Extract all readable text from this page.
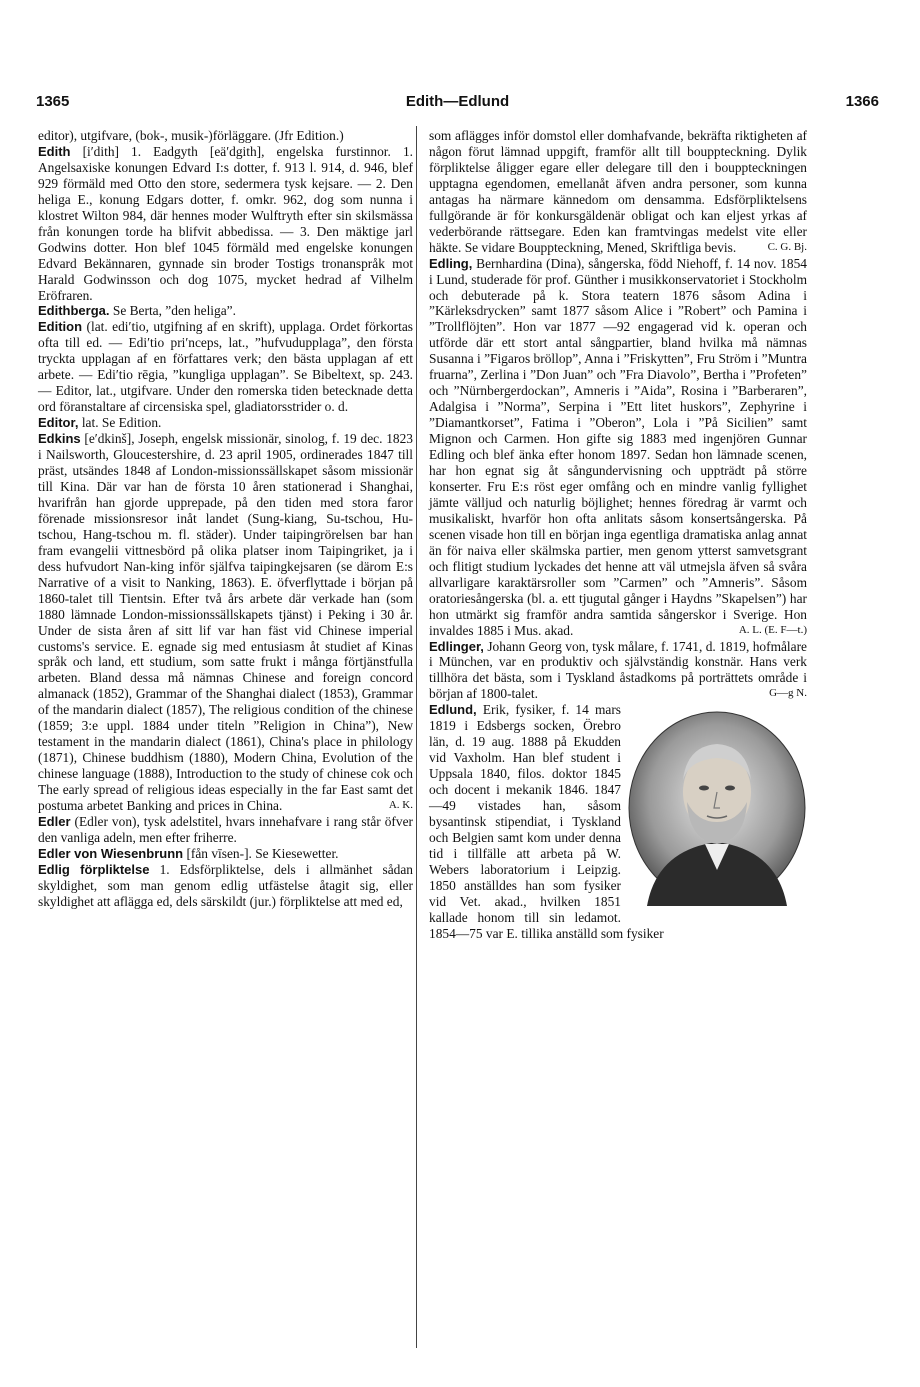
1365	Edith—Edlund	1366

editor), utgifvare, (bok-, musik-)förläggare. (Jfr Edition.)

Edith [i′dith] 1. Eadgyth [eä′dgith], engelska furstinnor. 1. Angelsaxiske konungen Edvard I:s dotter, f. 913 l. 914, d. 946, blef 929 förmäld med Otto den store, sedermera tysk kejsare. — 2. Den heliga E., konung Edgars dotter, f. omkr. 962, dog som nunna i klostret Wilton 984, där hennes moder Wulftryth efter sin skilsmässa från konungen torde ha blifvit abbedissa. — 3. Den mäktige jarl Godwins dotter. Hon blef 1045 förmäld med engelske konungen Edvard Bekännaren, gynnade sin broder Tostigs tronanspråk mot Harald Godwinsson och dog 1075, mycket hedrad af Vilhelm Eröfraren.

Edithberga. Se Berta, ”den heliga”.

Edition (lat. edi′tio, utgifning af en skrift), upplaga. Ordet förkortas ofta till ed. — Edi′tio pri′nceps, lat., ”hufvudupplaga”, den första tryckta upplagan af en författares verk; den bästa upplagan af ett arbete. — Edi′tio rēgia, ”kungliga upplagan”. Se Bibeltext, sp. 243. — Editor, lat., utgifvare. Under den romerska tiden betecknade detta ord föranstaltare af circensiska spel, gladiatorsstrider o. d.

Editor, lat. Se Edition.

Edkins [e′dkinš], Joseph, engelsk missionär, sinolog, f. 19 dec. 1823 i Nailsworth, Gloucestershire, d. 23 april 1905, ordinerades 1847 till präst, utsändes 1848 af London-missionssällskapet såsom missionär till Kina. Där var han de första 10 åren stationerad i Shanghai, hvarifrån han gjorde upprepade, på den tiden med stora faror förenade missionsresor inåt landet (Sung-kiang, Su-tschou, Hu-tschou, Hang-tschou m. fl. städer). Under taipingrörelsen bar han fram evangelii vittnesbörd på olika platser inom Taipingriket, ja i dess hufvudort Nan-king inför själfva taipingkejsaren (se därom E:s Narrative of a visit to Nanking, 1863). E. öfverflyttade i början på 1860-talet till Tientsin. Efter två års arbete där verkade han (som 1880 lämnade London-missionssällskapets tjänst) i Peking i 30 år. Under de sista åren af sitt lif var han fäst vid Chinese imperial customs's service. E. egnade sig med entusiasm åt studiet af Kinas språk och land, ett studium, som satte frukt i många förtjänstfulla arbeten. Bland dessa må nämnas Chinese and foreign concord almanack (1852), Grammar of the Shanghai dialect (1853), Grammar of the mandarin dialect (1857), The religious condition of the chinese (1859; 3:e uppl. 1884 under titeln ”Religion in China”), New testament in the mandarin dialect (1861), China's place in philology (1871), Chinese buddhism (1880), Modern China, Evolution of the chinese language (1888), Introduction to the study of chinese cok och The early spread of religious ideas especially in the far East samt det postuma arbetet Banking and prices in China.	A. K.

Edler (Edler von), tysk adelstitel, hvars innehafvare i rang står öfver den vanliga adeln, men efter friherre.

Edler von Wiesenbrunn [fån vīsen-]. Se Kiesewetter.

Edlig förpliktelse 1. Edsförpliktelse, dels i allmänhet sådan skyldighet, som man genom edlig utfästelse åtagit sig, eller skyldighet att aflägga ed, dels särskildt (jur.) förpliktelse att med ed,

som aflägges inför domstol eller domhafvande, bekräfta riktigheten af någon förut lämnad uppgift, framför allt till bouppteckning. Dylik förpliktelse åligger egare eller delegare till den i bouppteckningen upptagna egendomen, emellanåt äfven andra personer, som kunna antagas ha närmare kännedom om densamma. Edsförpliktelsens fullgörande är för konkursgäldenär obligat och kan eljest yrkas af vederbörande rättsegare. Eden kan framtvingas medelst vite eller häkte. Se vidare Bouppteckning, Mened, Skriftliga bevis.	C. G. Bj.

Edling, Bernhardina (Dina), sångerska, född Niehoff, f. 14 nov. 1854 i Lund, studerade för prof. Günther i musikkonservatoriet i Stockholm och debuterade på k. Stora teatern 1876 såsom Adina i ”Kärleksdrycken” samt 1877 såsom Alice i ”Robert” och Pamina i ”Trollflöjten”. Hon var 1877 —92 engagerad vid k. operan och utförde där ett stort antal sångpartier, bland hvilka må nämnas Susanna i ”Figaros bröllop”, Anna i ”Friskytten”, Fru Ström i ”Muntra fruarna”, Zerlina i ”Don Juan” och ”Fra Diavolo”, Bertha i ”Profeten” och ”Nürnbergerdockan”, Amneris i ”Aida”, Rosina i ”Barberaren”, Adalgisa i ”Norma”, Serpina i ”Ett litet huskors”, Zephyrine i ”Diamantkorset”, Fatima i ”Oberon”, Lola i ”På Sicilien” samt Mignon och Carmen. Hon gifte sig 1883 med ingenjören Gunnar Edling och blef änka efter honom 1897. Sedan hon lämnade scenen, har hon egnat sig åt sångundervisning och uppträdt på större konserter. Fru E:s röst eger omfång och en mindre vanlig fyllighet jämte välljud och naturlig böjlighet; hennes föredrag är varmt och musikaliskt, hvarför hon ofta anlitats såsom konsertsångerska. På scenen visade hon till en början inga egentliga dramatiska anlag annat än för naiva eller skälmska partier, men genom ytterst samvetsgrant och flitigt studium lyckades det henne att väl utmejsla äfven så svåra allvarligare karaktärsroller som ”Carmen” och ”Amneris”. Såsom oratoriesångerska (bl. a. ett tjugutal gånger i Haydns ”Skapelsen”) har hon utmärkt sig framför andra samtida sångerskor i Sverige. Hon invaldes 1885 i Mus. akad.	A. L. (E. F—t.)

Edlinger, Johann Georg von, tysk målare, f. 1741, d. 1819, hofmålare i München, var en produktiv och självständig konstnär. Hans verk tillhöra det bästa, som i Tyskland åstadkoms på porträttets område i början af 1800-talet.	G—g N.

Edlund, Erik, fysiker, f. 14 mars 1819 i Edsbergs socken, Örebro län, d. 19 aug. 1888 på Ekudden vid Vaxholm. Han blef student i Uppsala 1840, filos. doktor 1845 och docent i mekanik 1846. 1847 —49 vistades han, såsom bysantinsk stipendiat, i Tyskland och Belgien samt kom under denna tid i tillfälle att arbeta på W. Webers laboratorium i Leipzig. 1850 anställdes han som fysiker vid Vet. akad., hvilken 1851 kallade honom till sin ledamot. 1854—75 var E. tillika anställd som fysiker
